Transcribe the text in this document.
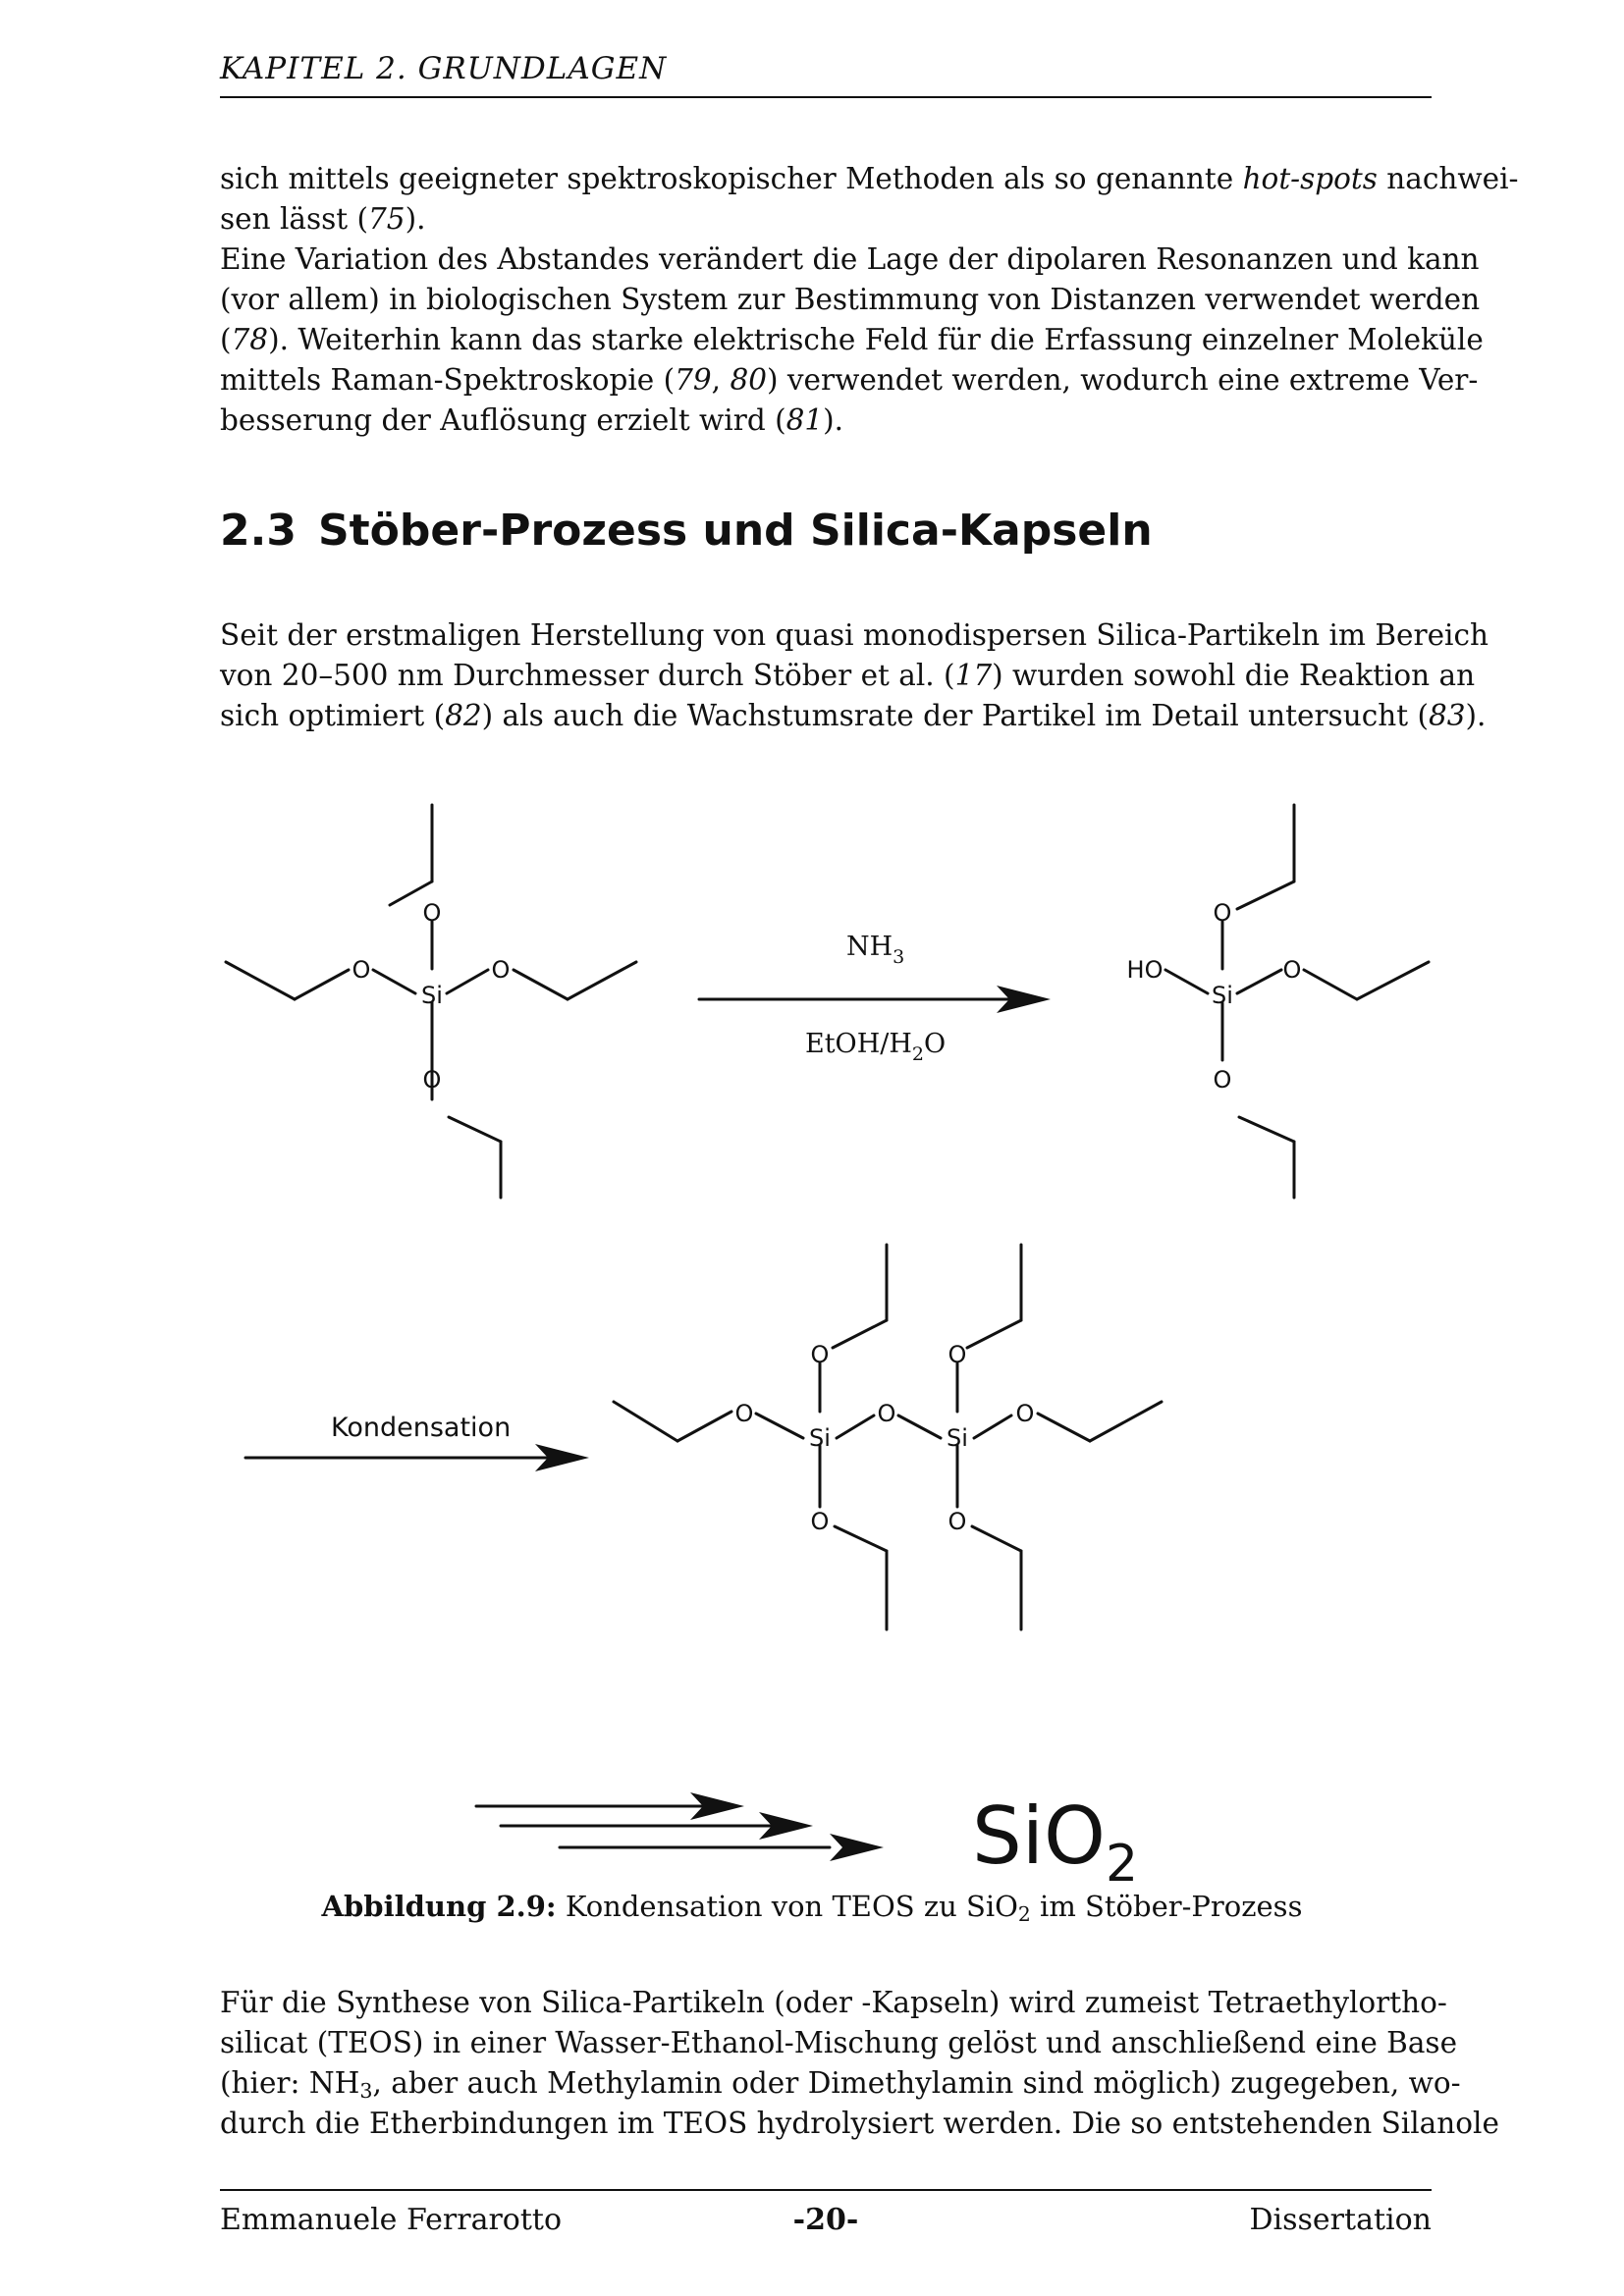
KAPITEL 2. GRUNDLAGEN
sich mittels geeigneter spektroskopischer Methoden als so genannte hot-spots nachwei-
sen lässt (75).
Eine Variation des Abstandes verändert die Lage der dipolaren Resonanzen und kann
(vor allem) in biologischen System zur Bestimmung von Distanzen verwendet werden
(78). Weiterhin kann das starke elektrische Feld für die Erfassung einzelner Moleküle
mittels Raman-Spektroskopie (79, 80) verwendet werden, wodurch eine extreme Ver-
besserung der Auflösung erzielt wird (81).
2.3 Stöber-Prozess und Silica-Kapseln
Seit der erstmaligen Herstellung von quasi monodispersen Silica-Partikeln im Bereich
von 20–500 nm Durchmesser durch Stöber et al. (17) wurden sowohl die Reaktion an
sich optimiert (82) als auch die Wachstumsrate der Partikel im Detail untersucht (83).
O
O	O
Si
O
O
HO	O
Si
O
O	O
O	O	O
Si	Si
O	O
$NH_3$
EtOH/$H_2O$
Kondensation
SiO$_2$
Abbildung 2.9: Kondensation von TEOS zu SiO$_2$ im Stöber-Prozess
Für die Synthese von Silica-Partikeln (oder -Kapseln) wird zumeist Tetraethylortho-
silicat (TEOS) in einer Wasser-Ethanol-Mischung gelöst und anschließend eine Base
(hier: $NH_3$, aber auch Methylamin oder Dimethylamin sind möglich) zugegeben, wo-
durch die Etherbindungen im TEOS hydrolysiert werden. Die so entstehenden Silanole
Emmanuele Ferrarotto	-20-	Dissertation
